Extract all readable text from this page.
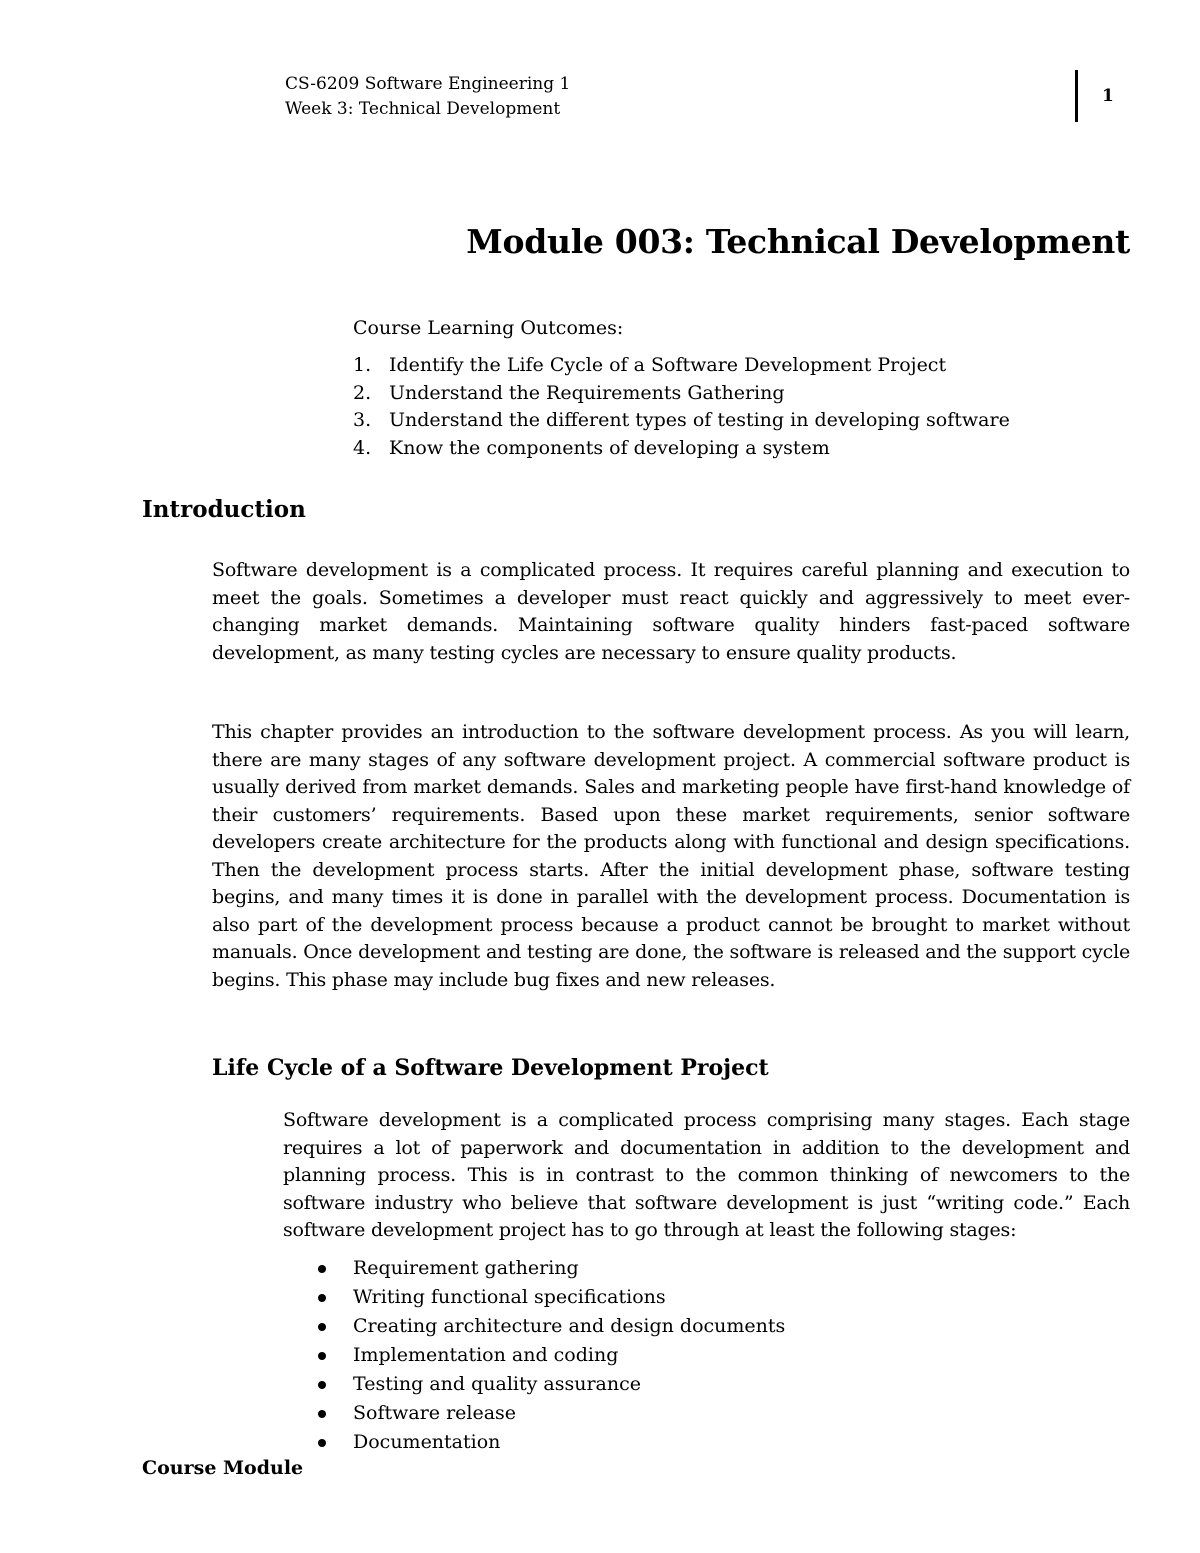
CS-6209 Software Engineering 1
Week 3: Technical Development
1
Module 003: Technical Development
Course Learning Outcomes:
1. Identify the Life Cycle of a Software Development Project
2. Understand the Requirements Gathering
3. Understand the different types of testing in developing software
4. Know the components of developing a system
Introduction

Software development is a complicated process. It requires careful planning and execution to meet the goals. Sometimes a developer must react quickly and aggressively to meet ever-changing market demands. Maintaining software quality hinders fast-paced software development, as many testing cycles are necessary to ensure quality products.

This chapter provides an introduction to the software development process. As you will learn, there are many stages of any software development project. A commercial software product is usually derived from market demands. Sales and marketing people have first-hand knowledge of their customers’ requirements. Based upon these market requirements, senior software developers create architecture for the products along with functional and design specifications. Then the development process starts. After the initial development phase, software testing begins, and many times it is done in parallel with the development process. Documentation is also part of the development process because a product cannot be brought to market without manuals. Once development and testing are done, the software is released and the support cycle begins. This phase may include bug fixes and new releases.

Life Cycle of a Software Development Project

Software development is a complicated process comprising many stages. Each stage requires a lot of paperwork and documentation in addition to the development and planning process. This is in contrast to the common thinking of newcomers to the software industry who believe that software development is just “writing code.” Each software development project has to go through at least the following stages:

Requirement gathering
Writing functional specifications
Creating architecture and design documents
Implementation and coding
Testing and quality assurance
Software release
Documentation
Course Module
